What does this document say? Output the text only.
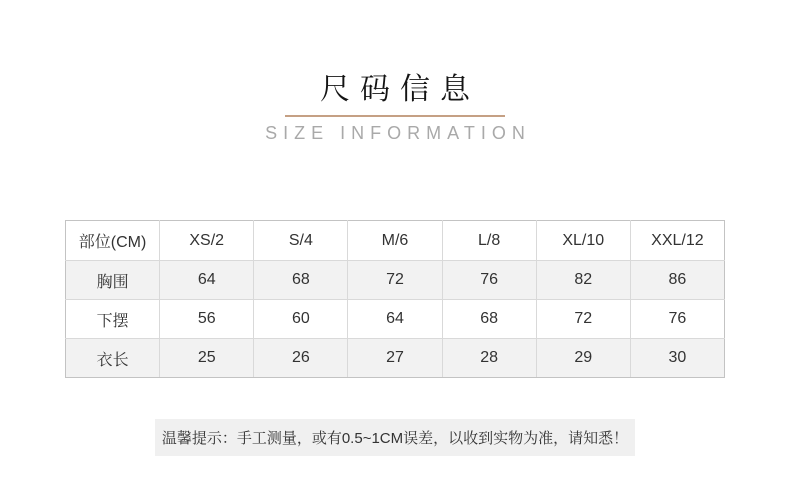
尺码信息
SIZE INFORMATION
部位(CM)	XS/2	S/4	M/6	L/8	XL/10	XXL/12
胸围	64	68	72	76	82	86
下摆	56	60	64	68	72	76
衣长	25	26	27	28	29	30
温馨提示：手工测量，或有0.5~1CM误差，以收到实物为准，请知悉！
